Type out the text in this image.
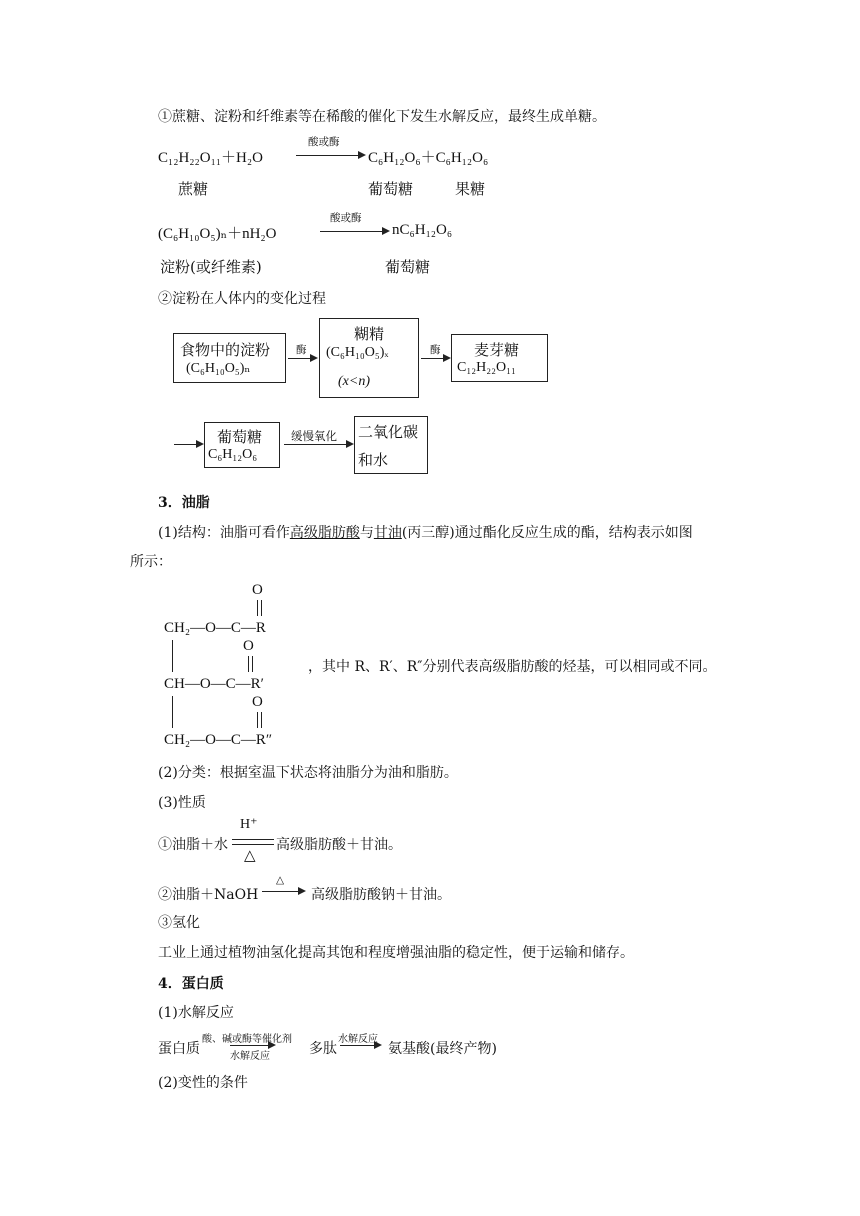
①蔗糖、淀粉和纤维素等在稀酸的催化下发生水解反应，最终生成单糖。
C₁₂H₂₂O₁₁＋H₂O
酸或酶
C₆H₁₂O₆＋C₆H₁₂O₆
蔗糖	葡萄糖	果糖
(C₆H₁₀O₅)ₙ＋nH₂O
酸或酶
nC₆H₁₂O₆
淀粉(或纤维素)	葡萄糖
②淀粉在人体内的变化过程
食物中的淀粉
(C₆H₁₀O₅)ₙ
酶
糊精
(C₆H₁₀O₅)ₓ
(x<n)
酶 麦芽糖
C₁₂H₂₂O₁₁
葡萄糖
C₆H₁₂O₆
缓慢氧化 二氧化碳
和水
3．油脂
(1)结构：油脂可看作高级脂肪酸与甘油(丙三醇)通过酯化反应生成的酯，结构表示如图
所示：
O
CH₂—O—C—R
O
CH—O—C—R′
O
CH₂—O—C—R″
，其中 R、R′、R″分别代表高级脂肪酸的烃基，可以相同或不同。
(2)分类：根据室温下状态将油脂分为油和脂肪。
(3)性质
①油脂＋水
H⁺
△
高级脂肪酸＋甘油。
②油脂＋NaOH
△
高级脂肪酸钠＋甘油。
③氢化
工业上通过植物油氢化提高其饱和程度增强油脂的稳定性，便于运输和储存。
4．蛋白质
(1)水解反应
蛋白质
酸、碱或酶等催化剂
水解反应	多肽
水解反应
氨基酸(最终产物)
(2)变性的条件
